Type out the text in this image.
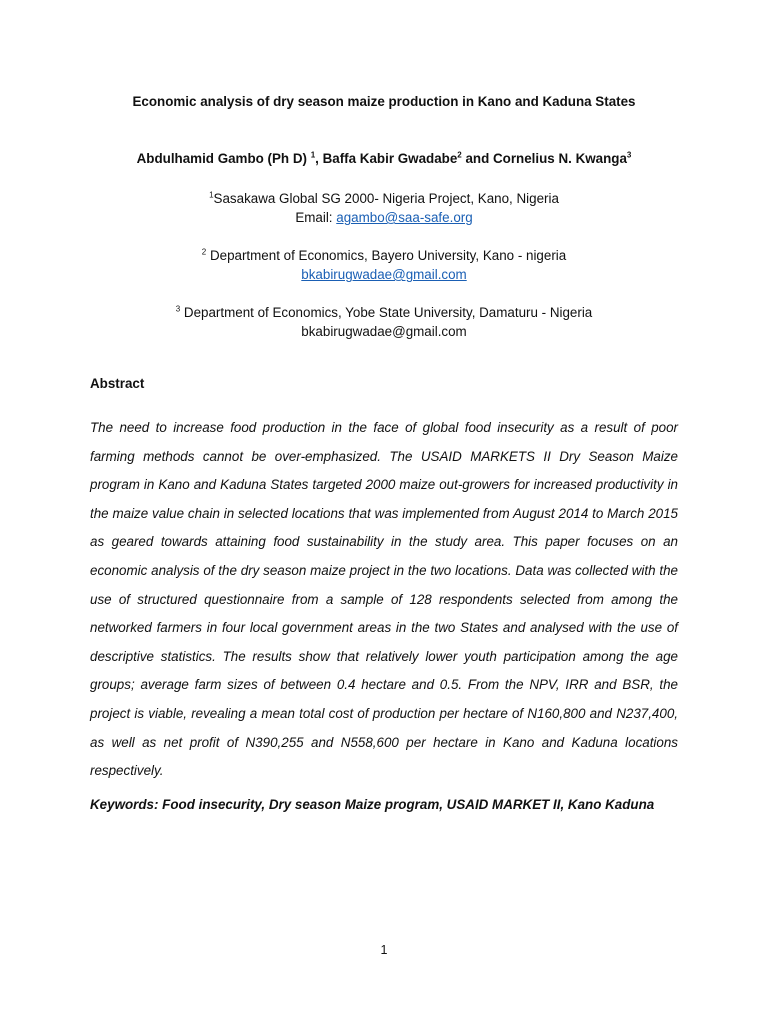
Economic analysis of dry season maize production in Kano and Kaduna States
Abdulhamid Gambo (Ph D) $^1$, Baffa Kabir Gwadabe$^2$ and Cornelius N. Kwanga$^3$
$^1$Sasakawa Global SG 2000- Nigeria Project, Kano, Nigeria
Email: agambo@saa-safe.org
$^2$ Department of Economics, Bayero University, Kano - nigeria
bkabirugwadae@gmail.com
$^3$ Department of Economics, Yobe State University, Damaturu - Nigeria
bkabirugwadae@gmail.com
Abstract

The need to increase food production in the face of global food insecurity as a result of poor farming methods cannot be over-emphasized. The USAID MARKETS II Dry Season Maize program in Kano and Kaduna States targeted 2000 maize out-growers for increased productivity in the maize value chain in selected locations that was implemented from August 2014 to March 2015 as geared towards attaining food sustainability in the study area. This paper focuses on an economic analysis of the dry season maize project in the two locations. Data was collected with the use of structured questionnaire from a sample of 128 respondents selected from among the networked farmers in four local government areas in the two States and analysed with the use of descriptive statistics. The results show that relatively lower youth participation among the age groups; average farm sizes of between 0.4 hectare and 0.5. From the NPV, IRR and BSR, the project is viable, revealing a mean total cost of production per hectare of N160,800 and N237,400, as well as net profit of N390,255 and N558,600 per hectare in Kano and Kaduna locations respectively.

Keywords: Food insecurity, Dry season Maize program, USAID MARKET II, Kano Kaduna
1
